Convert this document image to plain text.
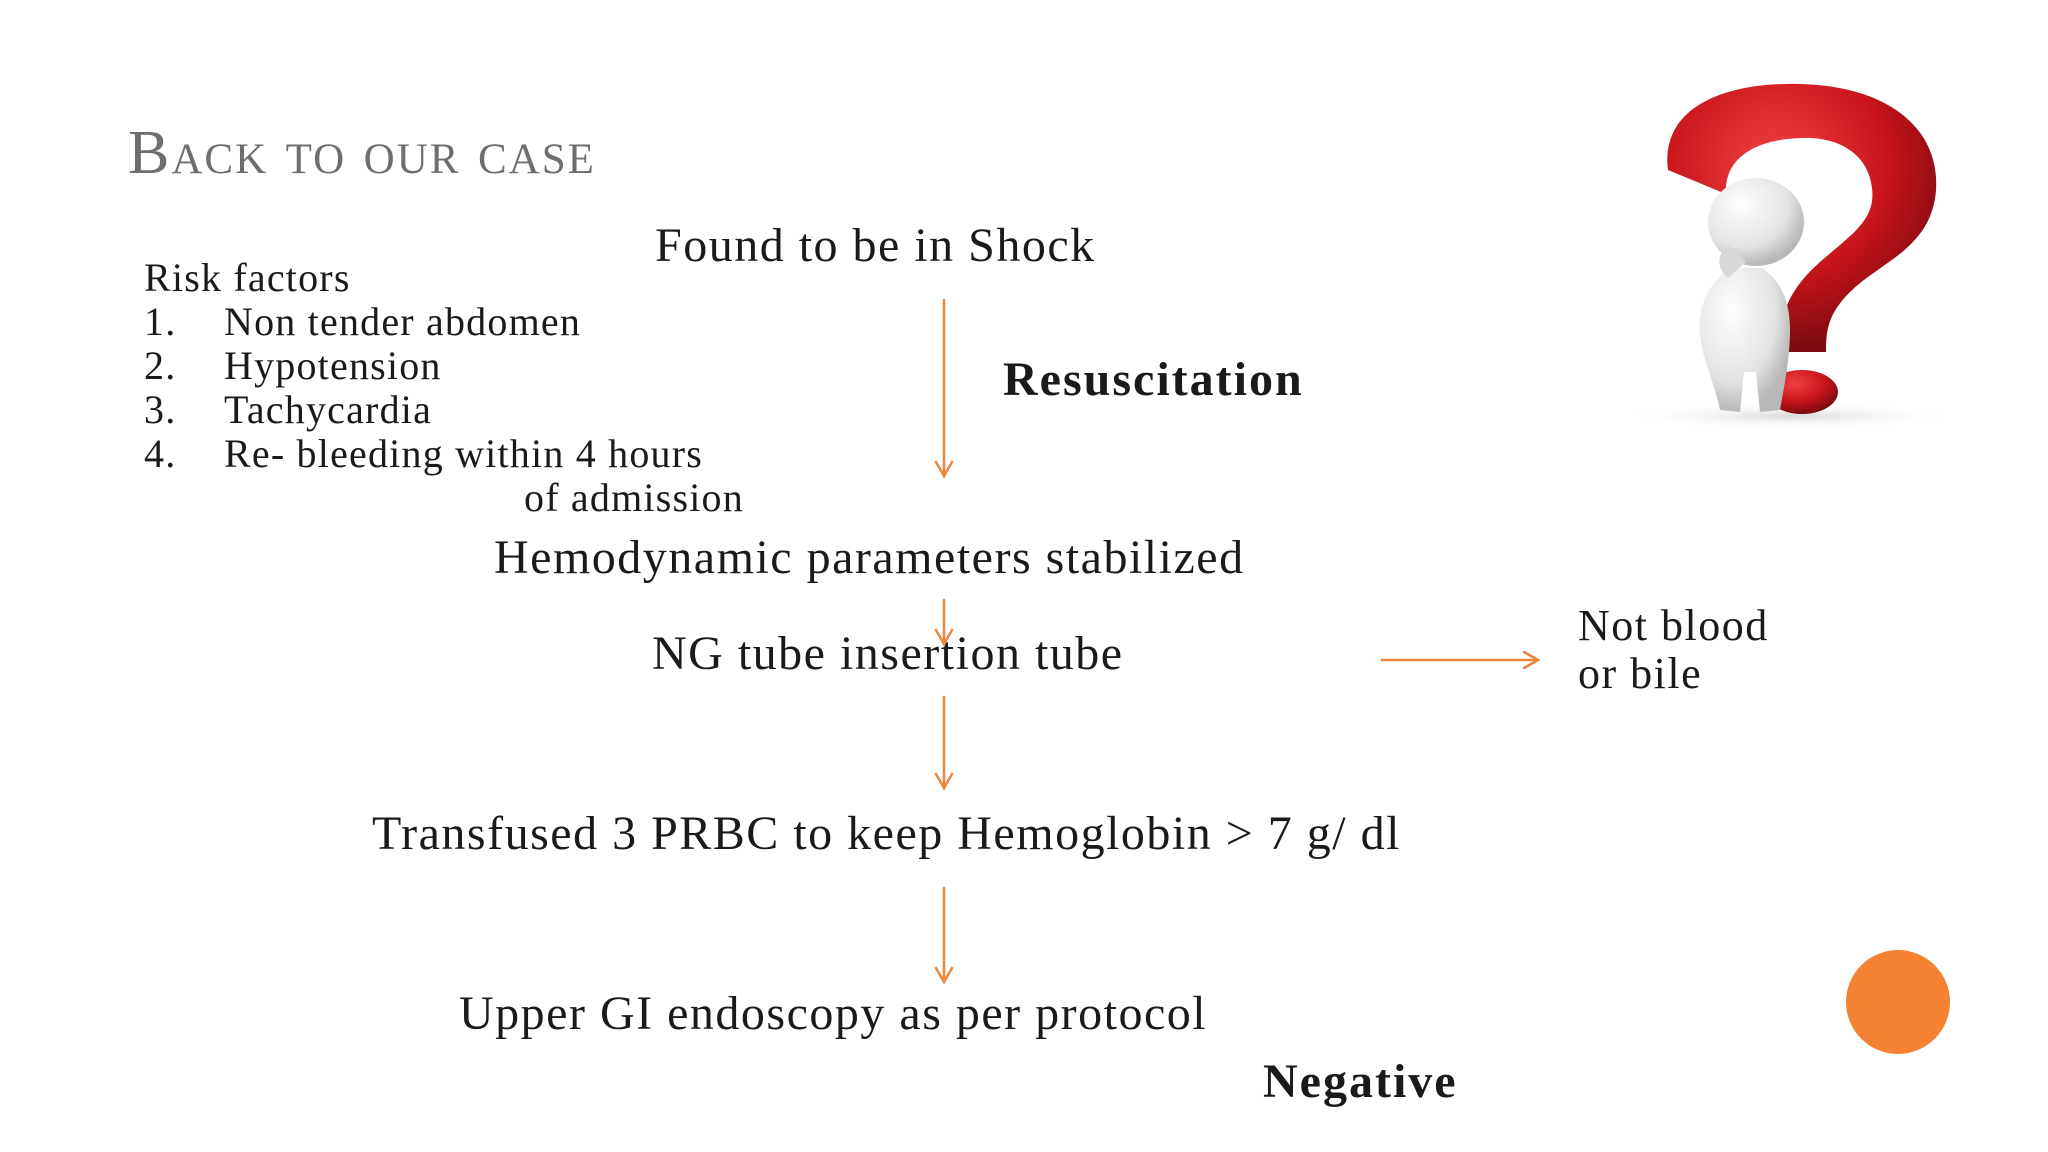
Back to our case
Risk factors
1. Non tender abdomen
2. Hypotension
3. Tachycardia
4. Re- bleeding within 4 hours
of admission
Found to be in Shock
Resuscitation
Hemodynamic parameters stabilized
NG tube insertion tube
Not blood
or bile
Transfused 3 PRBC to keep Hemoglobin > 7 g/ dl
Upper GI endoscopy as per protocol
Negative
